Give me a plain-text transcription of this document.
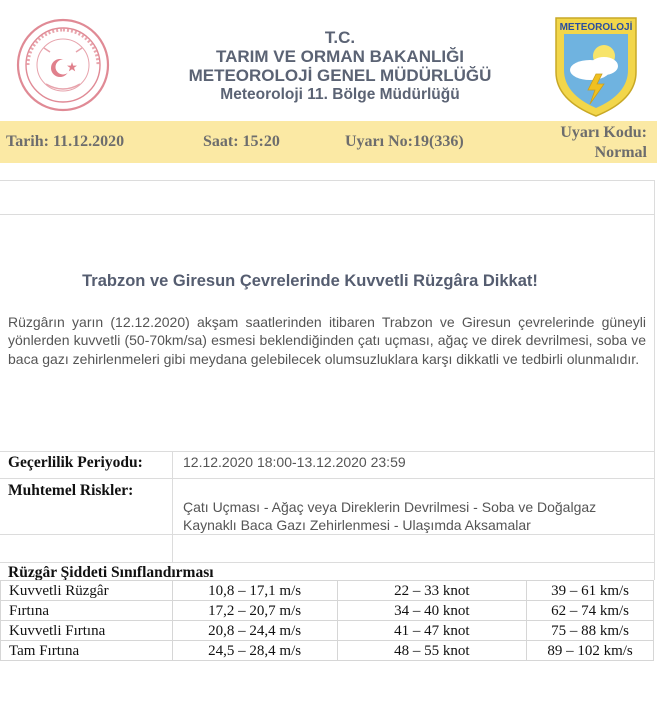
T.C.
TARIM VE ORMAN BAKANLIĞI
METEOROLOJİ GENEL MÜDÜRLÜĞÜ
Meteoroloji 11. Bölge Müdürlüğü
METEOROLOJİ
Tarih: 11.12.2020	Saat: 15:20	Uyarı No:19(336)
Uyarı Kodu:
Normal
Trabzon ve Giresun Çevrelerinde Kuvvetli Rüzgâra Dikkat!
Rüzgârın yarın (12.12.2020) akşam saatlerinden itibaren Trabzon ve Giresun çevrelerinde güneyli yönlerden kuvvetli (50-70km/sa) esmesi beklendiğinden çatı uçması, ağaç ve direk devrilmesi, soba ve baca gazı zehirlenmeleri gibi meydana gelebilecek olumsuzluklara karşı dikkatli ve tedbirli olunmalıdır.
Geçerlilik Periyodu:	12.12.2020 18:00-13.12.2020 23:59
Muhtemel Riskler:
Çatı Uçması - Ağaç veya Direklerin Devrilmesi - Soba ve Doğalgaz Kaynaklı Baca Gazı Zehirlenmesi - Ulaşımda Aksamalar
Rüzgâr Şiddeti Sınıflandırması
Kuvvetli Rüzgâr	10,8 – 17,1 m/s	22 – 33 knot	39 – 61 km/s
Fırtına	17,2 – 20,7 m/s	34 – 40 knot	62 – 74 km/s
Kuvvetli Fırtına	20,8 – 24,4 m/s	41 – 47 knot	75 – 88 km/s
Tam Fırtına	24,5 – 28,4 m/s	48 – 55 knot	89 – 102 km/s
